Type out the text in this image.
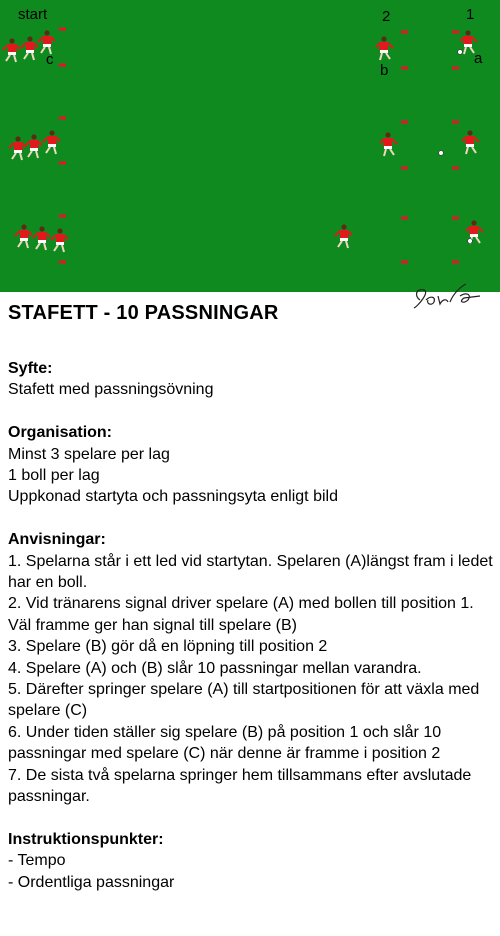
start
c
2	1
b
a
STAFETT - 10 PASSNINGAR
Syfte:

Stafett med passningsövning

Organisation:

Minst 3 spelare per lag

1 boll per lag

Uppkonad startyta och passningsyta enligt bild

Anvisningar:

1. Spelarna står i ett led vid startytan. Spelaren (A)längst fram i ledet har en boll.

2. Vid tränarens signal driver spelare (A) med bollen till position 1. Väl framme ger han signal till spelare (B)

3. Spelare (B) gör då en löpning till position 2

4. Spelare (A) och (B) slår 10 passningar mellan varandra.

5. Därefter springer spelare (A) till startpositionen för att växla med spelare (C)

6. Under tiden ställer sig spelare (B) på position 1 och slår 10 passningar med spelare (C) när denne är framme i position 2

7. De sista två spelarna springer hem tillsammans efter avslutade passningar.

Instruktionspunkter:

- Tempo

- Ordentliga passningar
